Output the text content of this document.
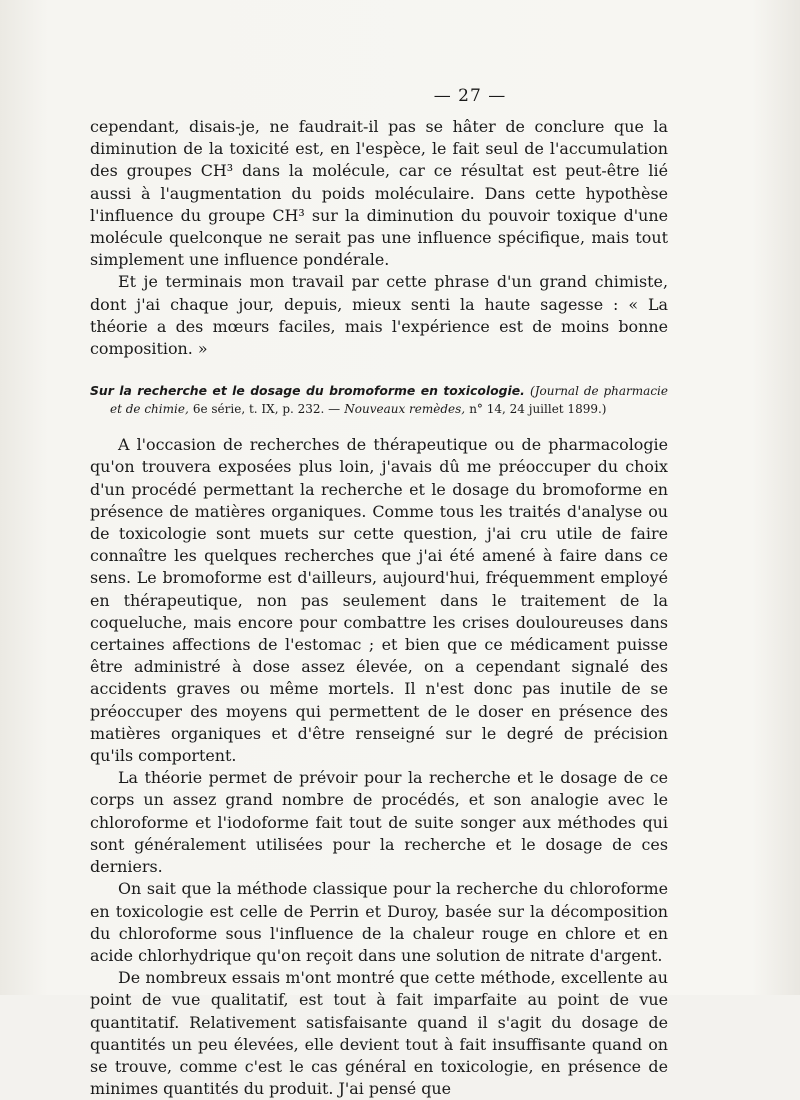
— 27 —

cependant, disais-je, ne faudrait-il pas se hâter de conclure que la diminution de la toxicité est, en l'espèce, le fait seul de l'accumulation des groupes CH³ dans la molécule, car ce résultat est peut-être lié aussi à l'augmentation du poids moléculaire. Dans cette hypothèse l'influence du groupe CH³ sur la diminution du pouvoir toxique d'une molécule quelconque ne serait pas une influence spécifique, mais tout simplement une influence pondérale.

Et je terminais mon travail par cette phrase d'un grand chimiste, dont j'ai chaque jour, depuis, mieux senti la haute sagesse : « La théorie a des mœurs faciles, mais l'expérience est de moins bonne composition. »

Sur la recherche et le dosage du bromoforme en toxicologie. (Journal de pharmacie et de chimie, 6e série, t. IX, p. 232. — Nouveaux remèdes, n° 14, 24 juillet 1899.)

A l'occasion de recherches de thérapeutique ou de pharmacologie qu'on trouvera exposées plus loin, j'avais dû me préoccuper du choix d'un procédé permettant la recherche et le dosage du bromoforme en présence de matières organiques. Comme tous les traités d'analyse ou de toxicologie sont muets sur cette question, j'ai cru utile de faire connaître les quelques recherches que j'ai été amené à faire dans ce sens. Le bromoforme est d'ailleurs, aujourd'hui, fréquemment employé en thérapeutique, non pas seulement dans le traitement de la coqueluche, mais encore pour combattre les crises douloureuses dans certaines affections de l'estomac ; et bien que ce médicament puisse être administré à dose assez élevée, on a cependant signalé des accidents graves ou même mortels. Il n'est donc pas inutile de se préoccuper des moyens qui permettent de le doser en présence des matières organiques et d'être renseigné sur le degré de précision qu'ils comportent.

La théorie permet de prévoir pour la recherche et le dosage de ce corps un assez grand nombre de procédés, et son analogie avec le chloroforme et l'iodoforme fait tout de suite songer aux méthodes qui sont généralement utilisées pour la recherche et le dosage de ces derniers.

On sait que la méthode classique pour la recherche du chloroforme en toxicologie est celle de Perrin et Duroy, basée sur la décomposition du chloroforme sous l'influence de la chaleur rouge en chlore et en acide chlorhydrique qu'on reçoit dans une solution de nitrate d'argent.

De nombreux essais m'ont montré que cette méthode, excellente au point de vue qualitatif, est tout à fait imparfaite au point de vue quantitatif. Relativement satisfaisante quand il s'agit du dosage de quantités un peu élevées, elle devient tout à fait insuffisante quand on se trouve, comme c'est le cas général en toxicologie, en présence de minimes quantités du produit. J'ai pensé que
